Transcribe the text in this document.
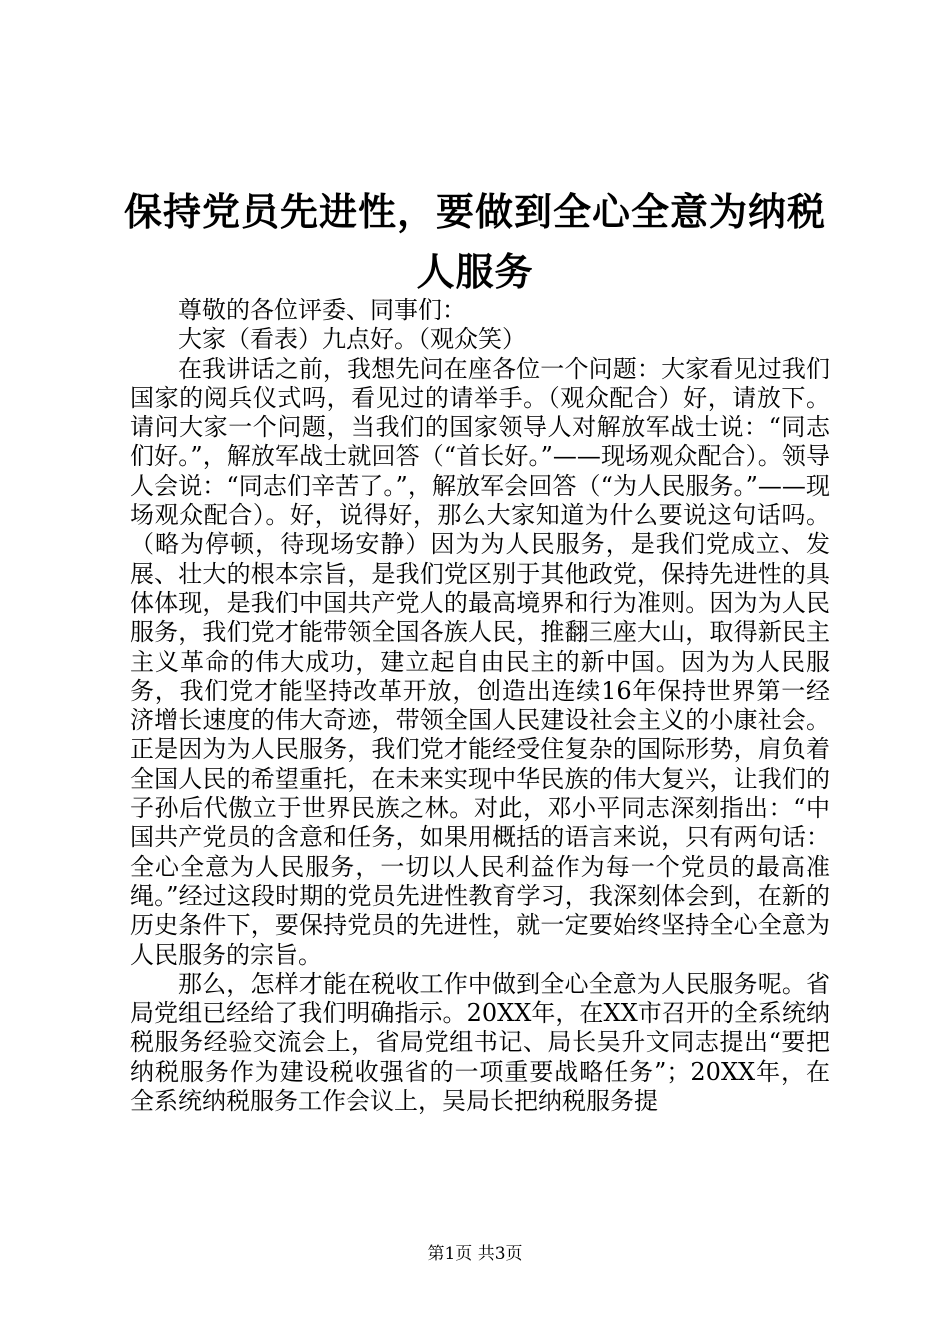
保持党员先进性，要做到全心全意为纳税人服务

尊敬的各位评委、同事们：

大家（看表）九点好。（观众笑）

在我讲话之前，我想先问在座各位一个问题：大家看见过我们国家的阅兵仪式吗，看见过的请举手。（观众配合）好，请放下。请问大家一个问题，当我们的国家领导人对解放军战士说：“同志们好。”，解放军战士就回答（“首长好。”——现场观众配合）。领导人会说：“同志们辛苦了。”，解放军会回答（“为人民服务。”——现场观众配合）。好，说得好，那么大家知道为什么要说这句话吗。（略为停顿，待现场安静）因为为人民服务，是我们党成立、发展、壮大的根本宗旨，是我们党区别于其他政党，保持先进性的具体体现，是我们中国共产党人的最高境界和行为准则。因为为人民服务，我们党才能带领全国各族人民，推翻三座大山，取得新民主主义革命的伟大成功，建立起自由民主的新中国。因为为人民服务，我们党才能坚持改革开放，创造出连续16年保持世界第一经济增长速度的伟大奇迹，带领全国人民建设社会主义的小康社会。正是因为为人民服务，我们党才能经受住复杂的国际形势，肩负着全国人民的希望重托，在未来实现中华民族的伟大复兴，让我们的子孙后代傲立于世界民族之林。对此，邓小平同志深刻指出：“中国共产党员的含意和任务，如果用概括的语言来说，只有两句话：全心全意为人民服务，一切以人民利益作为每一个党员的最高准绳。”经过这段时期的党员先进性教育学习，我深刻体会到，在新的历史条件下，要保持党员的先进性，就一定要始终坚持全心全意为人民服务的宗旨。

那么，怎样才能在税收工作中做到全心全意为人民服务呢。省局党组已经给了我们明确指示。20XX年，在XX市召开的全系统纳税服务经验交流会上，省局党组书记、局长吴升文同志提出“要把纳税服务作为建设税收强省的一项重要战略任务”；20XX年，在全系统纳税服务工作会议上，吴局长把纳税服务提

第1页 共3页
